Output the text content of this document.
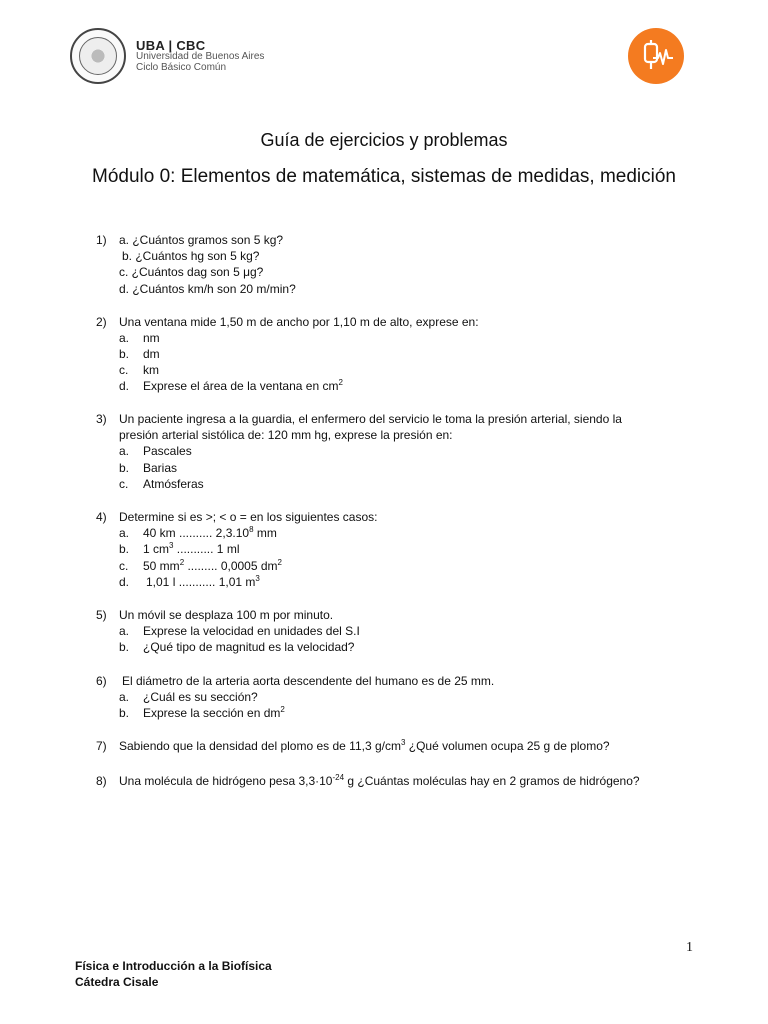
UBA | CBC
Universidad de Buenos Aires
Ciclo Básico Común
Guía de ejercicios y problemas
Módulo 0: Elementos de matemática, sistemas de medidas, medición
1) a. ¿Cuántos gramos son 5 kg?
b. ¿Cuántos hg son 5 kg?
c. ¿Cuántos dag son 5 μg?
d. ¿Cuántos km/h son 20 m/min?
2) Una ventana mide 1,50 m de ancho por 1,10 m de alto, exprese en:
a. nm
b. dm
c. km
d. Exprese el área de la ventana en $cm^2$
3) Un paciente ingresa a la guardia, el enfermero del servicio le toma la presión arterial, siendo la
presión arterial sistólica de: 120 mm hg, exprese la presión en:
a. Pascales
b. Barias
c. Atmósferas
4) Determine si es >; < o = en los siguientes casos:
a. 40 km .......... 2,3.10$^8$ mm
b. 1 $cm^3$ ........... 1 ml
c. 50 $mm^2$ ......... 0,0005 $dm^2$
d. 1,01 l ........... 1,01 $m^3$
5) Un móvil se desplaza 100 m por minuto.
a. Exprese la velocidad en unidades del S.I
b. ¿Qué tipo de magnitud es la velocidad?
6) El diámetro de la arteria aorta descendente del humano es de 25 mm.
a. ¿Cuál es su sección?
b. Exprese la sección en $dm^2$
7) Sabiendo que la densidad del plomo es de 11,3 $g/cm^3$ ¿Qué volumen ocupa 25 g de plomo?
8) Una molécula de hidrógeno pesa $3,3\cdot 10^{-24}$ g ¿Cuántas moléculas hay en 2 gramos de hidrógeno?
1
Física e Introducción a la Biofísica
Cátedra Cisale
